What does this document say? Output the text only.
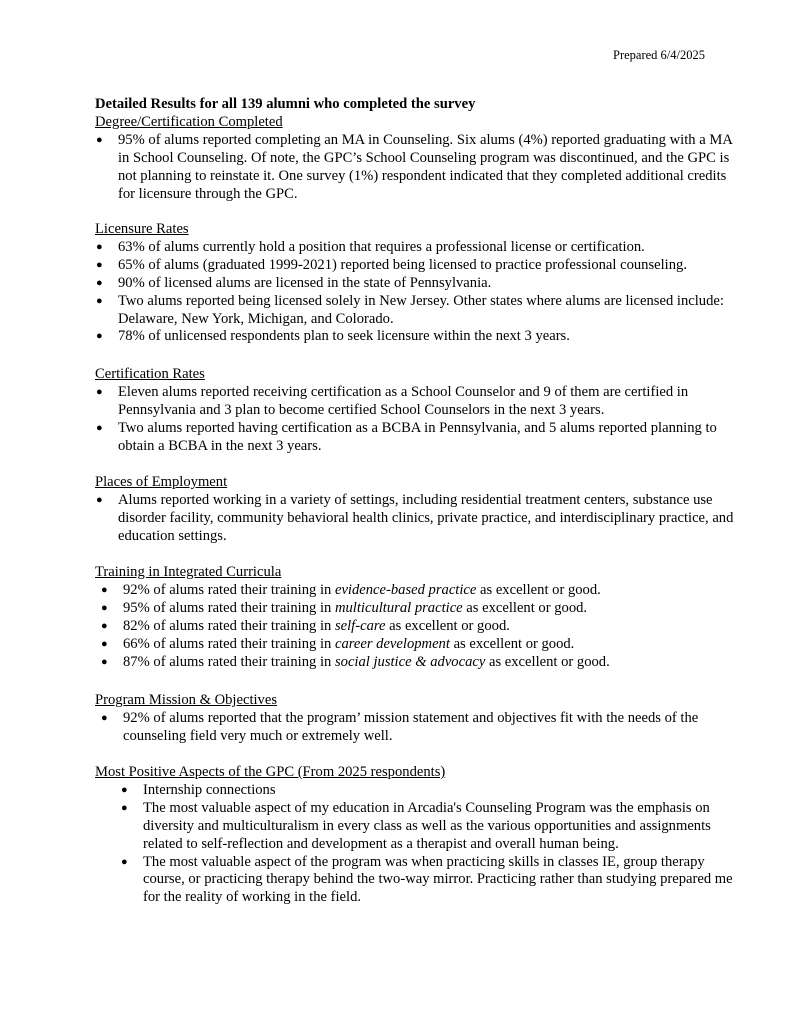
Prepared 6/4/2025
Detailed Results for all 139 alumni who completed the survey
Degree/Certification Completed
● 95% of alums reported completing an MA in Counseling. Six alums (4%) reported graduating with a MA in School Counseling. Of note, the GPC’s School Counseling program was discontinued, and the GPC is not planning to reinstate it. One survey (1%) respondent indicated that they completed additional credits for licensure through the GPC.
Licensure Rates
● 63% of alums currently hold a position that requires a professional license or certification.
● 65% of alums (graduated 1999-2021) reported being licensed to practice professional counseling.
● 90% of licensed alums are licensed in the state of Pennsylvania.
● Two alums reported being licensed solely in New Jersey. Other states where alums are licensed include: Delaware, New York, Michigan, and Colorado.
● 78% of unlicensed respondents plan to seek licensure within the next 3 years.
Certification Rates
● Eleven alums reported receiving certification as a School Counselor and 9 of them are certified in Pennsylvania and 3 plan to become certified School Counselors in the next 3 years.
● Two alums reported having certification as a BCBA in Pennsylvania, and 5 alums reported planning to obtain a BCBA in the next 3 years.
Places of Employment
● Alums reported working in a variety of settings, including residential treatment centers, substance use disorder facility, community behavioral health clinics, private practice, and interdisciplinary practice, and education settings.
Training in Integrated Curricula
● 92% of alums rated their training in evidence-based practice as excellent or good.
● 95% of alums rated their training in multicultural practice as excellent or good.
● 82% of alums rated their training in self-care as excellent or good.
● 66% of alums rated their training in career development as excellent or good.
● 87% of alums rated their training in social justice & advocacy as excellent or good.
Program Mission & Objectives
● 92% of alums reported that the program’ mission statement and objectives fit with the needs of the counseling field very much or extremely well.
Most Positive Aspects of the GPC (From 2025 respondents)
● Internship connections
● The most valuable aspect of my education in Arcadia's Counseling Program was the emphasis on diversity and multiculturalism in every class as well as the various opportunities and assignments related to self-reflection and development as a therapist and overall human being.
● The most valuable aspect of the program was when practicing skills in classes IE, group therapy course, or practicing therapy behind the two-way mirror. Practicing rather than studying prepared me for the reality of working in the field.
